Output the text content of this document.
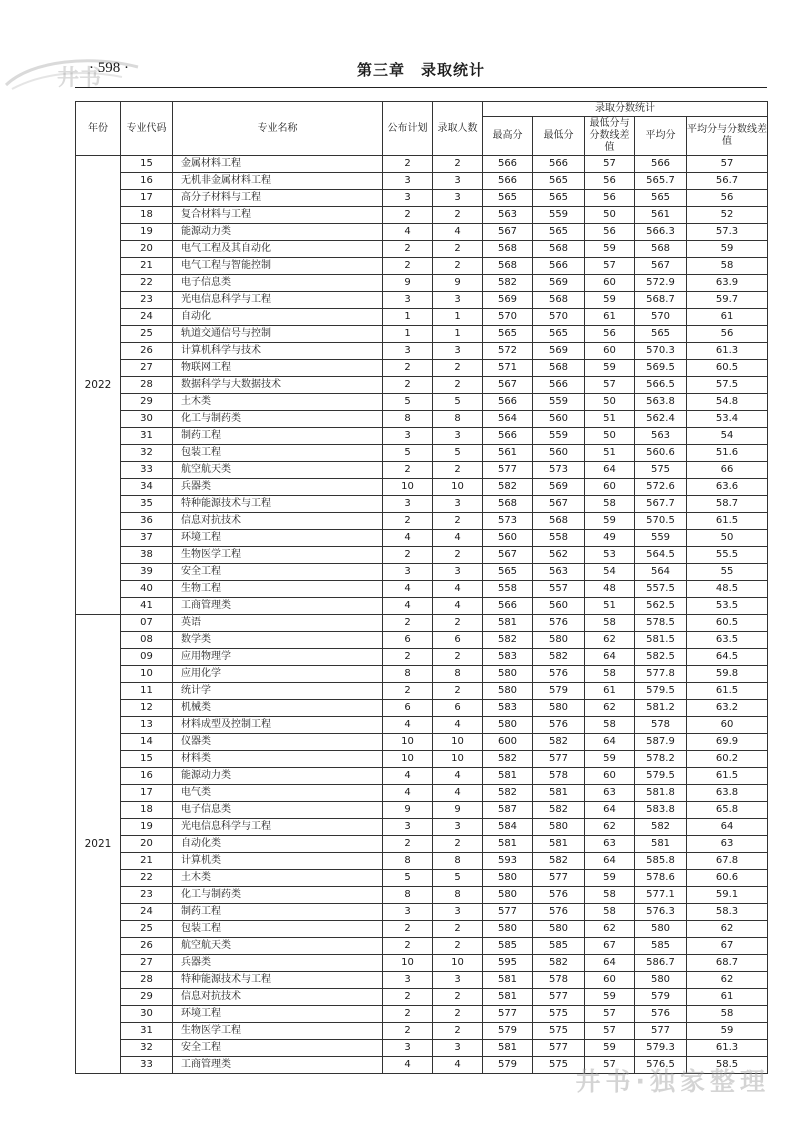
井书
· 598 ·	第三章　录取统计
年份	专业代码	专业名称	公布计划	录取人数	录取分数统计				
					最高分	最低分	最低分与分数线差值	平均分	平均分与分数线差值
2022	15	金属材料工程	2	2	566	566	57	566	57
	16	无机非金属材料工程	3	3	566	565	56	565.7	56.7
	17	高分子材料与工程	3	3	565	565	56	565	56
	18	复合材料与工程	2	2	563	559	50	561	52
	19	能源动力类	4	4	567	565	56	566.3	57.3
	20	电气工程及其自动化	2	2	568	568	59	568	59
	21	电气工程与智能控制	2	2	568	566	57	567	58
	22	电子信息类	9	9	582	569	60	572.9	63.9
	23	光电信息科学与工程	3	3	569	568	59	568.7	59.7
	24	自动化	1	1	570	570	61	570	61
	25	轨道交通信号与控制	1	1	565	565	56	565	56
	26	计算机科学与技术	3	3	572	569	60	570.3	61.3
	27	物联网工程	2	2	571	568	59	569.5	60.5
	28	数据科学与大数据技术	2	2	567	566	57	566.5	57.5
	29	土木类	5	5	566	559	50	563.8	54.8
	30	化工与制药类	8	8	564	560	51	562.4	53.4
	31	制药工程	3	3	566	559	50	563	54
	32	包装工程	5	5	561	560	51	560.6	51.6
	33	航空航天类	2	2	577	573	64	575	66
	34	兵器类	10	10	582	569	60	572.6	63.6
	35	特种能源技术与工程	3	3	568	567	58	567.7	58.7
	36	信息对抗技术	2	2	573	568	59	570.5	61.5
	37	环境工程	4	4	560	558	49	559	50
	38	生物医学工程	2	2	567	562	53	564.5	55.5
	39	安全工程	3	3	565	563	54	564	55
	40	生物工程	4	4	558	557	48	557.5	48.5
	41	工商管理类	4	4	566	560	51	562.5	53.5
2021	07	英语	2	2	581	576	58	578.5	60.5
	08	数学类	6	6	582	580	62	581.5	63.5
	09	应用物理学	2	2	583	582	64	582.5	64.5
	10	应用化学	8	8	580	576	58	577.8	59.8
	11	统计学	2	2	580	579	61	579.5	61.5
	12	机械类	6	6	583	580	62	581.2	63.2
	13	材料成型及控制工程	4	4	580	576	58	578	60
	14	仪器类	10	10	600	582	64	587.9	69.9
	15	材料类	10	10	582	577	59	578.2	60.2
	16	能源动力类	4	4	581	578	60	579.5	61.5
	17	电气类	4	4	582	581	63	581.8	63.8
	18	电子信息类	9	9	587	582	64	583.8	65.8
	19	光电信息科学与工程	3	3	584	580	62	582	64
	20	自动化类	2	2	581	581	63	581	63
	21	计算机类	8	8	593	582	64	585.8	67.8
	22	土木类	5	5	580	577	59	578.6	60.6
	23	化工与制药类	8	8	580	576	58	577.1	59.1
	24	制药工程	3	3	577	576	58	576.3	58.3
	25	包装工程	2	2	580	580	62	580	62
	26	航空航天类	2	2	585	585	67	585	67
	27	兵器类	10	10	595	582	64	586.7	68.7
	28	特种能源技术与工程	3	3	581	578	60	580	62
	29	信息对抗技术	2	2	581	577	59	579	61
	30	环境工程	2	2	577	575	57	576	58
	31	生物医学工程	2	2	579	575	57	577	59
	32	安全工程	3	3	581	577	59	579.3	61.3
	33	工商管理类	4	4	579	575	57	576.5	58.5
井书·独家整理
